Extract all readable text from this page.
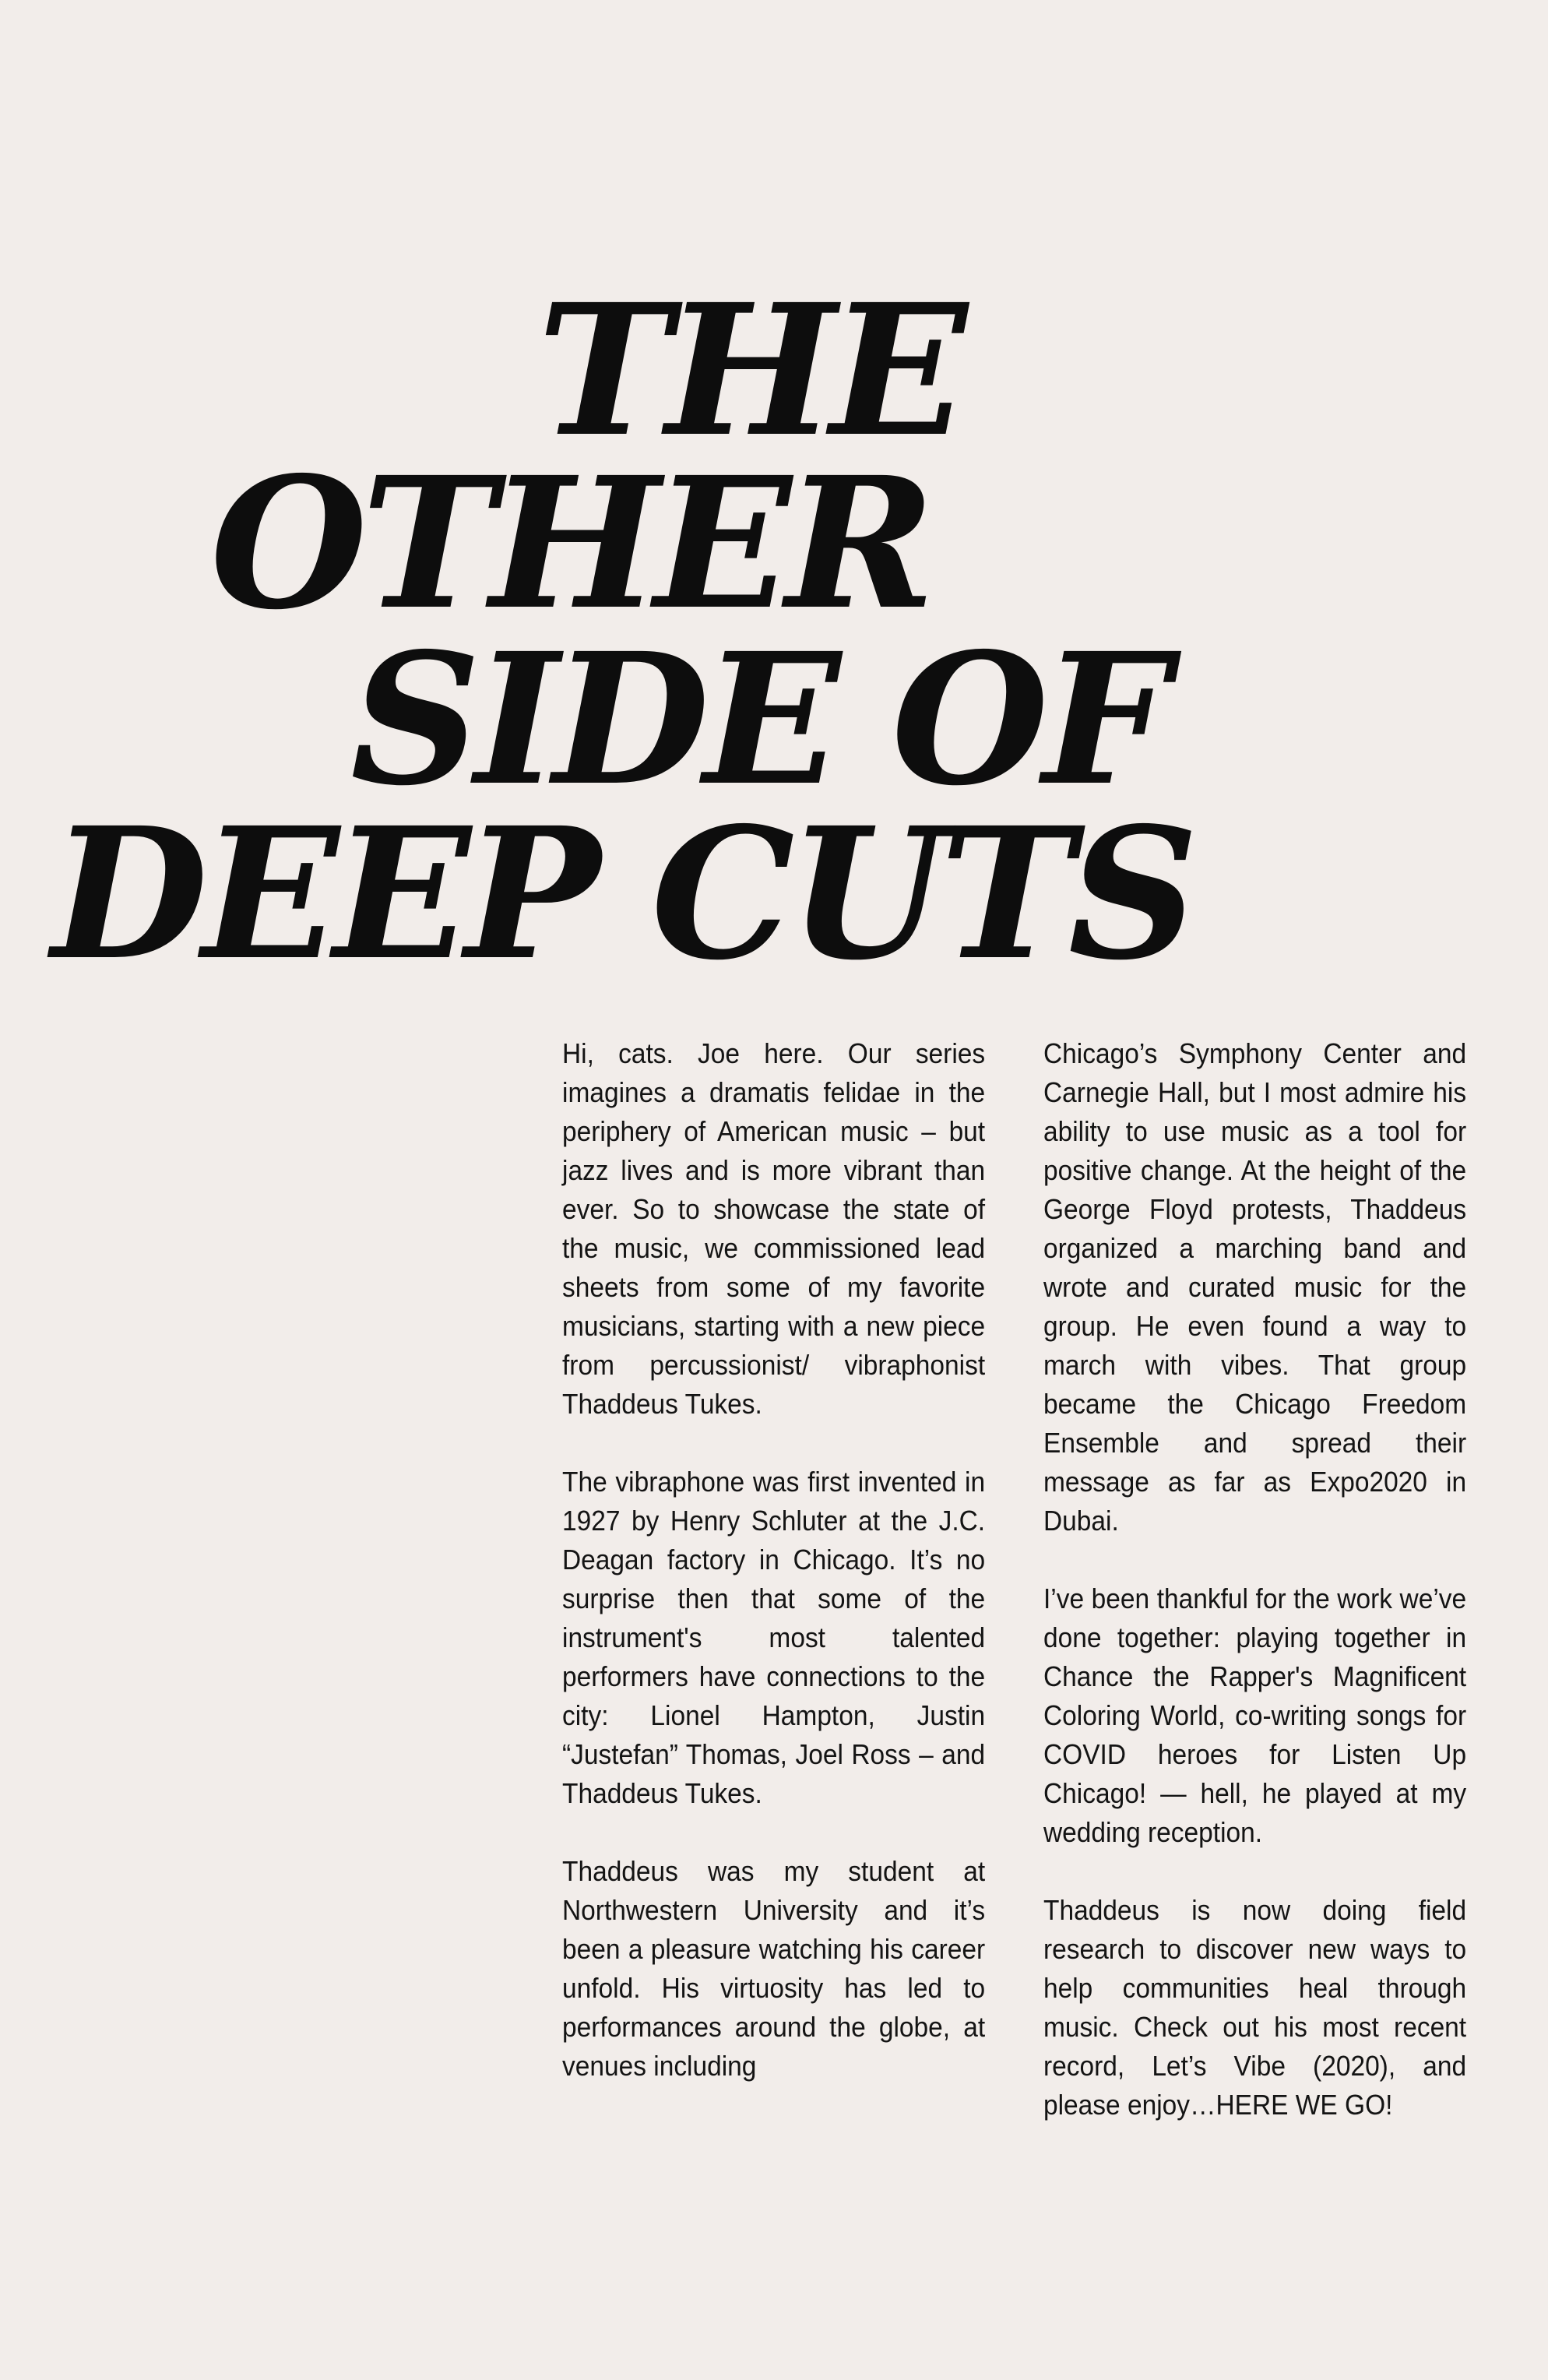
THE
OTHER
SIDE OF
DEEP CUTS

Hi, cats. Joe here. Our series imagines a dramatis felidae in the periphery of American music – but jazz lives and is more vibrant than ever. So to showcase the state of the music, we commissioned lead sheets from some of my favorite musicians, starting with a new piece from percussionist/ vibraphonist Thaddeus Tukes.

The vibraphone was first invented in 1927 by Henry Schluter at the J.C. Deagan factory in Chicago. It’s no surprise then that some of the instrument's most talented performers have connections to the city: Lionel Hampton, Justin “Justefan” Thomas, Joel Ross – and Thaddeus Tukes.

Thaddeus was my student at Northwestern University and it’s been a pleasure watching his career unfold. His virtuosity has led to performances around the globe, at venues including

Chicago’s Symphony Center and Carnegie Hall, but I most admire his ability to use music as a tool for positive change. At the height of the George Floyd protests, Thaddeus organized a marching band and wrote and curated music for the group. He even found a way to march with vibes. That group became the Chicago Freedom Ensemble and spread their message as far as Expo2020 in Dubai.

I’ve been thankful for the work we’ve done together: playing together in Chance the Rapper's Magnificent Coloring World, co-writing songs for COVID heroes for Listen Up Chicago! — hell, he played at my wedding reception.

Thaddeus is now doing field research to discover new ways to help communities heal through music. Check out his most recent record, Let’s Vibe (2020), and please enjoy…HERE WE GO!
